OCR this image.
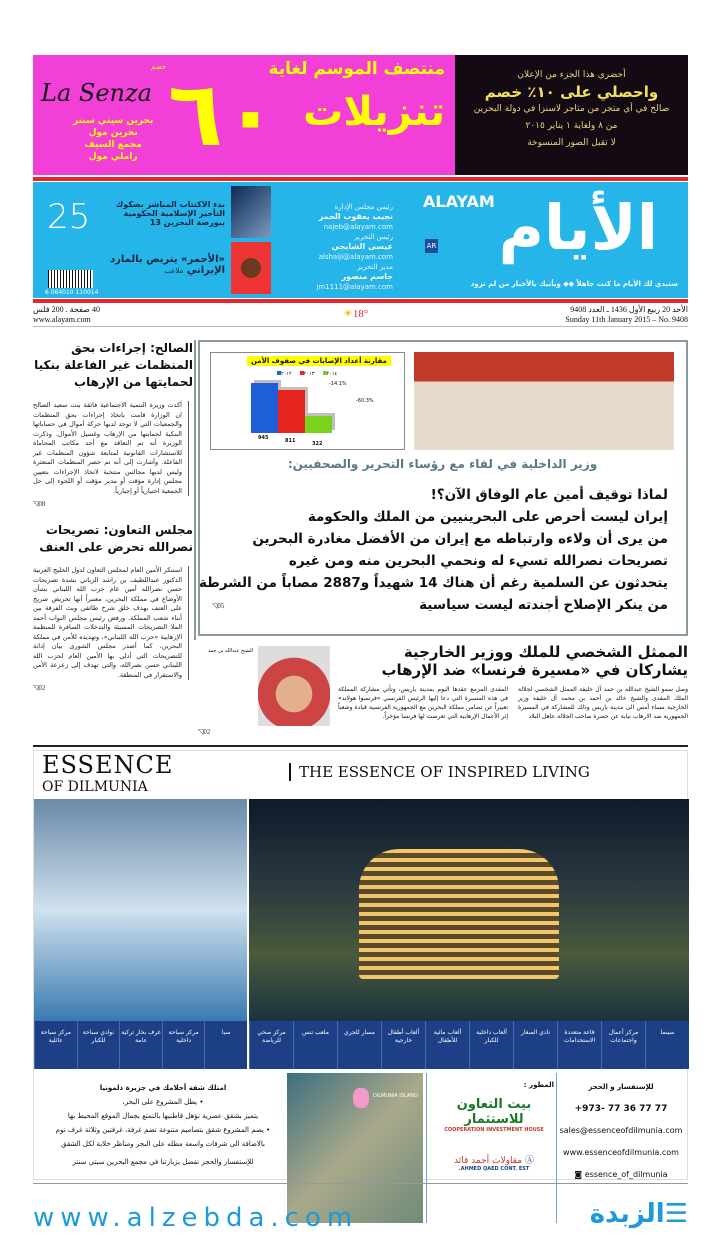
La Senza ٦٠
خصم	منتصف الموسم لغاية
تنزيلات
بحرين سيتي سنتر
بحرين مول
مجمع السيف
راملي مول
أحضري هذا الجزء من الإعلان
واحصلي على ١٠٪ خصم
صالح في أي متجر من متاجر لاسنزا في دولة البحرين
من ٨ ولغاية ١ يناير ٢٠١٥
لا تقبل الصور المنسوخة
الأيام
ALAYAM
AR
ستبدي لك الأيام ما كنت جاهلاً ◆◆ ويأتيك بالأخبار من لم تزود
رئيس مجلس الإدارة
نجيب يعقوب الحمر
najeb@alayam.com
رئيس التحرير
عيسى الشايجي
alshaiji@alayam.com
مدير التحرير
جاسم منصور
jm1111@alayam.com
بدء الاكتتاب المباشر بصكوك التأجير الإسلامية الحكومية ببورصة البحرين 13
«الأحمر» يتربص بالمارد الإيراني ملاعب
25
6 064010 110014
الأحد 20 ربيع الأول 1436 ـ العدد 9408
Sunday 11th January 2015 – No. 9408
☀18°
40 صفحة . 200 فلس
www.alayam.com
الصالح: إجراءات بحق المنظمات غير الفاعلة بنكيا لحمايتها من الإرهاب
أكدت وزيرة التنمية الاجتماعية فائقة بنت سعيد الصالح ان الوزارة قامت باتخاذ إجراءات بحق المنظمات والجمعيات التي لا توجد لديها حركة أموال في حساباتها البنكية لحمايتها من الإرهاب وغسيل الأموال. وذكرت الوزيرة أنه تم التعاقد مع أحد مكاتب المحاماة للاستشارات القانونية لمتابعة شؤون المنظمات غير الفاعلة. وأشارت إلى أنه تم حصر المنظمات المتعثرة وليس لديها مجالس منتخبة لاتخاذ الإجراءات بتعيين مجلس إدارة مؤقت أو مدير مؤقت أو اللجوء إلى حل الجمعية اختيارياً أو إجبارياً.
◹08
مجلس التعاون: تصريحات نصرالله تحرض على العنف
استنكر الأمين العام لمجلس التعاون لدول الخليج العربية الدكتور عبداللطيف بن راشد الزياني بشدة تصريحات حسن نصرالله أمين عام حزب الله اللبناني بشأن الأوضاع في مملكة البحرين، معتبراً أنها تحريض صريح على العنف بهدف خلق شرخ طائفي وبث الفرقة بين أبناء شعب المملكة. ورفض رئيس مجلس النواب أحمد الملا التصريحات المسيئة والتدخلات السافرة للمنظمة الإرهابية «حزب الله اللبناني»، وتهديده للأمن في مملكة البحرين، كما أصدر مجلس الشورى بيان إدانة للتصريحات التي أدلى بها الأمين العام لحزب الله اللبناني حسن نصرالله، والتي تهدف إلى زعزعة الأمن والاستقرار في المنطقة.
◹02
مقارنة أعداد الإصابات في صفوف الأمن
٢٠١٢	٢٠١٣	٢٠١٤
945	811	322
-14.1%
-60.3%
وزير الداخلية في لقاء مع رؤساء التحرير والصحفيين:
لماذا توقيف أمين عام الوفاق الآن؟!
إيران ليست أحرص على البحرينيين من الملك والحكومة
من يرى أن ولاءه وارتباطه مع إيران من الأفضل مغادرة البحرين
تصريحات نصرالله تسيء له ونحمي البحرين منه ومن غيره
يتحدثون عن السلمية رغم أن هناك 14 شهيداً و2887 مصاباً من الشرطة
من ينكر الإصلاح أجندته ليست سياسية
◹05
الممثل الشخصي للملك ووزير الخارجية يشاركان في «مسيرة فرنسا» ضد الإرهاب
وصل سمو الشيخ عبدالله بن حمد آل خليفة الممثل الشخصي لجلالة الملك المفدى والشيخ خالد بن أحمد بن محمد آل خليفة وزير الخارجية مساء أمس الى مدينة باريس وذلك للمشاركة في المسيرة الجمهورية ضد الارهاب نيابة عن حضرة صاحب الجلالة عاهل البلاد
المفدى المزمع عقدها اليوم بمدينة باريس، وتأتي مشاركة المملكة في هذه المسيرة التي دعا إليها الرئيس الفرنسي «فرنسوا هولاند» تعبيراً عن تضامن مملكة البحرين مع الجمهورية الفرنسية قيادة وشعباً إثر الأعمال الإرهابية التي تعرضت لها فرنسا مؤخراً.
الشيخ عبدالله بن حمد
◹02
ESSENCE
OF DILMUNIA
THE ESSENCE OF INSPIRED LIVING
سبا
مركز سباحة داخلية
غرف بخار تركية عامة
نوادي سباحة للكبار
مركز سباحة عائلية
سينما
مركز أعمال واجتماعات
قاعة متعددة الاستخدامات
نادي الصغار
ألعاب داخلية للكبار
ألعاب مائية للأطفال
ألعاب أطفال خارجية
مسار للجري
ملعب تنس
مركز صحي للرياضة
امتلك شقة أحلامك في جزيرة دلمونيا
• يطل المشروع على البحر،
يتميز بشقق عصرية تؤهل قاطنيها بالتمتع بجمال الموقع المحيط بها
• يضم المشروع شقق بتصاميم متنوعة تضم غرفة، غرفتين وثلاثة غرف نوم
بالاضافة الى شرفات واسعة مطله على البحر ومناظر خلابة لكل الشقق
للإستفسار والحجز تفضل بزيارتنا في مجمع البحرين سيتي سنتر
DILMUNIA ISLAND
المطور :
بيت التعاون للاستثمار
COOPERATION INVESTMENT HOUSE
Ⓐ مقاولات أحمد قائد
AHMED QAED CONT. EST.
للإستفسار و الحجز
+973- 77 36 77 77
sales@essenceofdilmunia.com
www.essenceofdilmunia.com
◙ essence_of_dilmunia
www.alzebda.com	☰الزبدة
